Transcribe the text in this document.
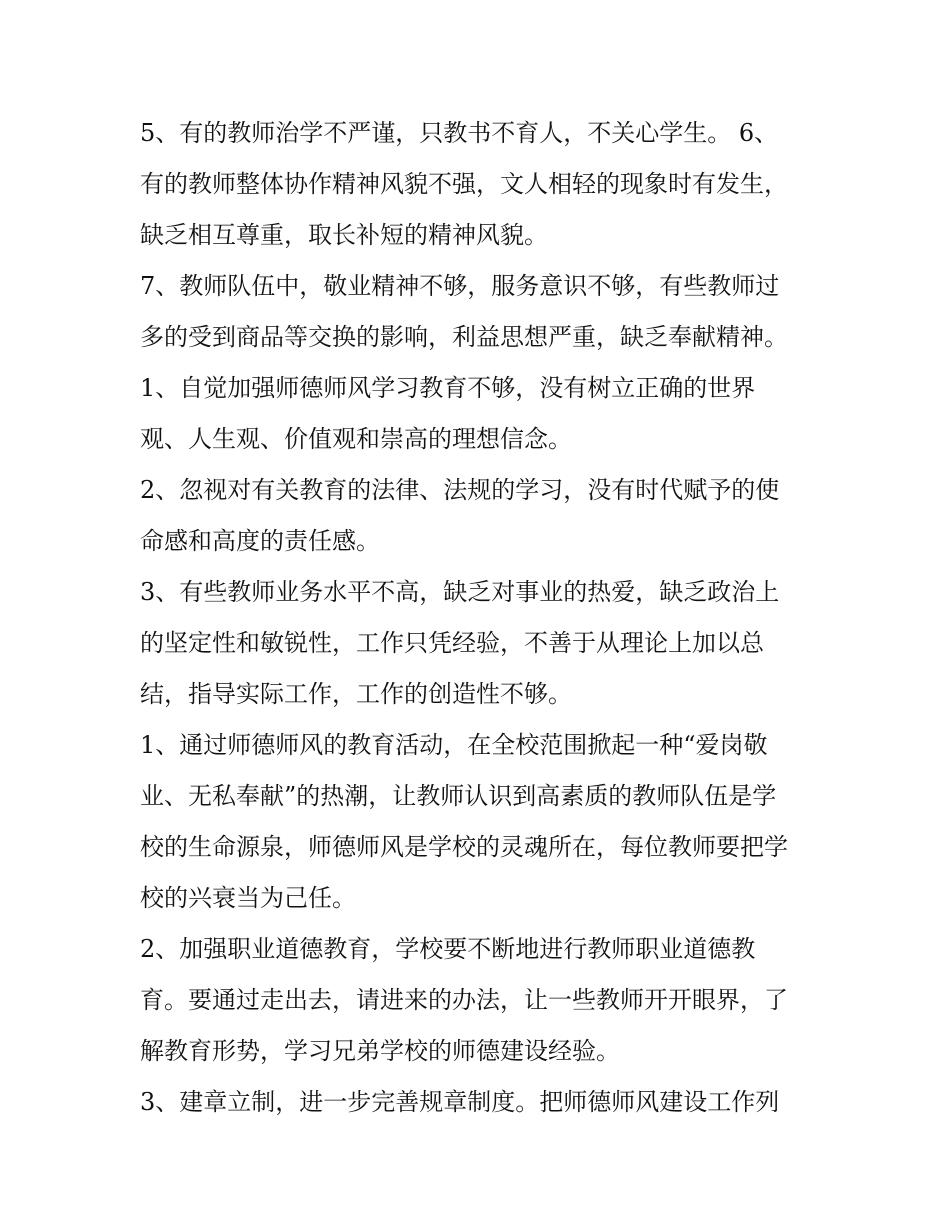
5、有的教师治学不严谨，只教书不育人，不关心学生。 6、
有的教师整体协作精神风貌不强，文人相轻的现象时有发生，
缺乏相互尊重，取长补短的精神风貌。
7、教师队伍中，敬业精神不够，服务意识不够，有些教师过
多的受到商品等交换的影响，利益思想严重，缺乏奉献精神。
1、自觉加强师德师风学习教育不够，没有树立正确的世界
观、人生观、价值观和崇高的理想信念。
2、忽视对有关教育的法律、法规的学习，没有时代赋予的使
命感和高度的责任感。
3、有些教师业务水平不高，缺乏对事业的热爱，缺乏政治上
的坚定性和敏锐性，工作只凭经验，不善于从理论上加以总
结，指导实际工作，工作的创造性不够。
1、通过师德师风的教育活动，在全校范围掀起一种“爱岗敬
业、无私奉献”的热潮，让教师认识到高素质的教师队伍是学
校的生命源泉，师德师风是学校的灵魂所在，每位教师要把学
校的兴衰当为己任。
2、加强职业道德教育，学校要不断地进行教师职业道德教
育。要通过走出去，请进来的办法，让一些教师开开眼界，了
解教育形势，学习兄弟学校的师德建设经验。
3、建章立制，进一步完善规章制度。把师德师风建设工作列
